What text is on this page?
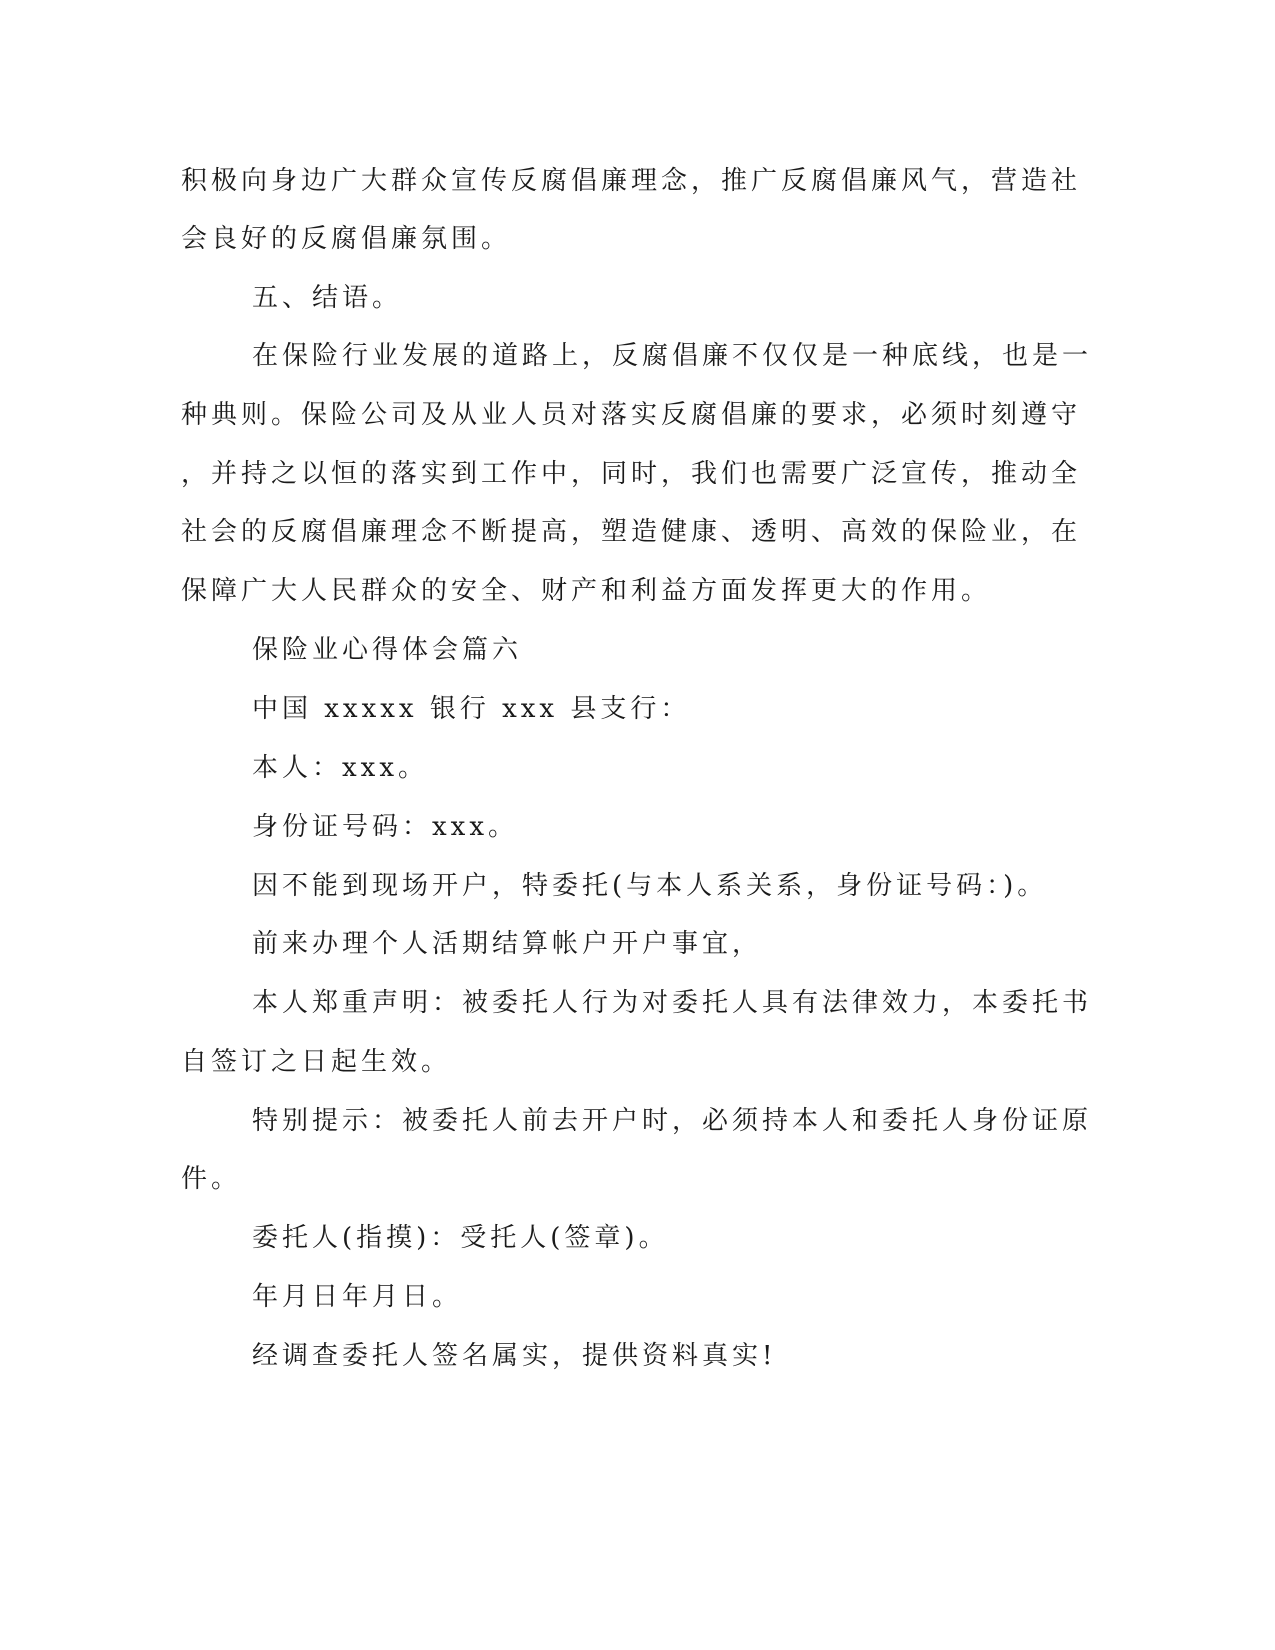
积极向身边广大群众宣传反腐倡廉理念，推广反腐倡廉风气，营造社
会良好的反腐倡廉氛围。
五、结语。
在保险行业发展的道路上，反腐倡廉不仅仅是一种底线，也是一
种典则。保险公司及从业人员对落实反腐倡廉的要求，必须时刻遵守
，并持之以恒的落实到工作中，同时，我们也需要广泛宣传，推动全
社会的反腐倡廉理念不断提高，塑造健康、透明、高效的保险业，在
保障广大人民群众的安全、财产和利益方面发挥更大的作用。
保险业心得体会篇六
中国 xxxxx 银行 xxx 县支行：
本人：xxx。
身份证号码：xxx。
因不能到现场开户，特委托(与本人系关系，身份证号码：)。
前来办理个人活期结算帐户开户事宜，
本人郑重声明：被委托人行为对委托人具有法律效力，本委托书
自签订之日起生效。
特别提示：被委托人前去开户时，必须持本人和委托人身份证原
件。
委托人(指摸)：受托人(签章)。
年月日年月日。
经调查委托人签名属实，提供资料真实!
